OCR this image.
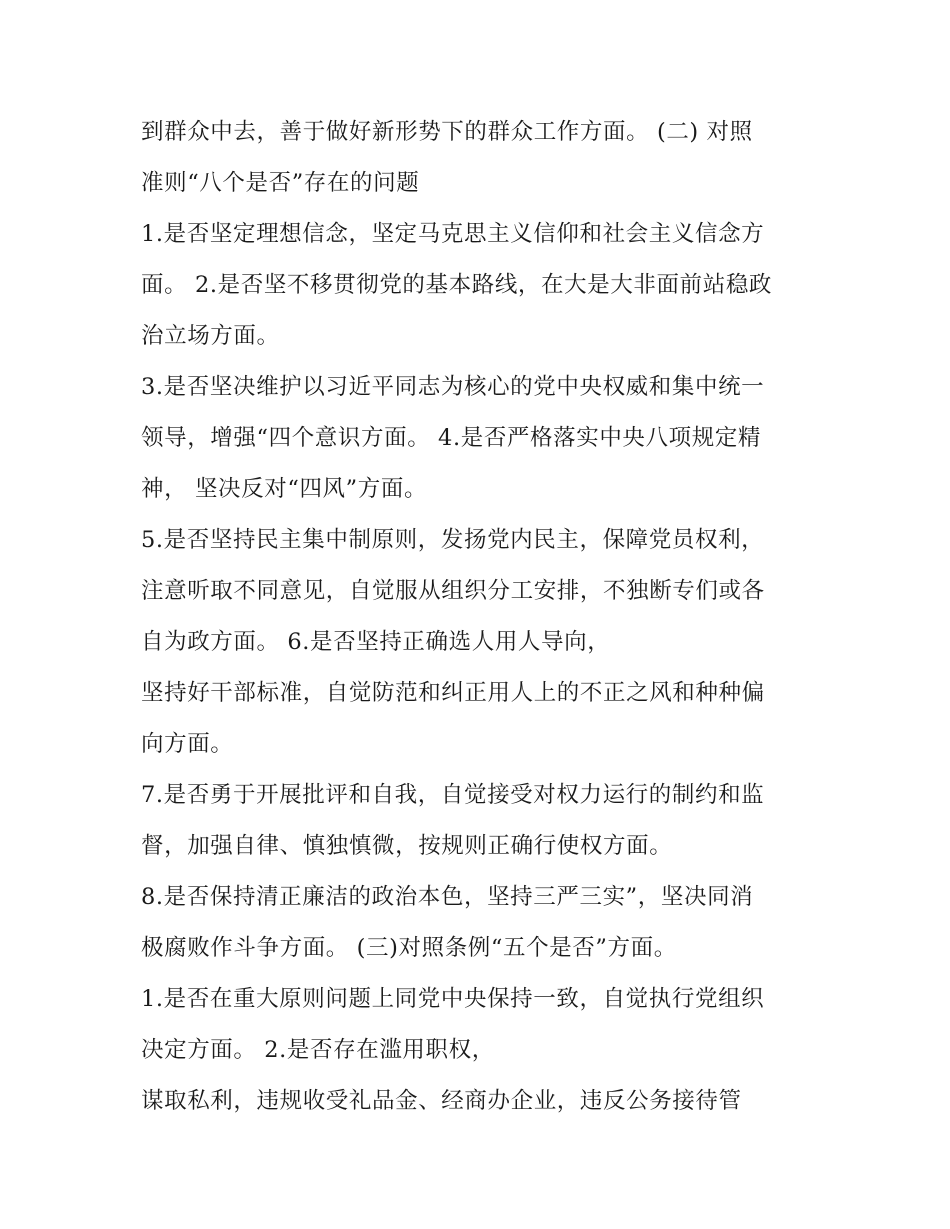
到群众中去，善于做好新形势下的群众工作方面。 (二) 对照
准则“八个是否”存在的问题
1.是否坚定理想信念，坚定马克思主义信仰和社会主义信念方
面。 2.是否坚不移贯彻党的基本路线，在大是大非面前站稳政
治立场方面。
3.是否坚决维护以习近平同志为核心的党中央权威和集中统一
领导，增强“四个意识方面。 4.是否严格落实中央八项规定精
神， 坚决反对“四风”方面。
5.是否坚持民主集中制原则，发扬党内民主，保障党员权利，
注意听取不同意见，自觉服从组织分工安排，不独断专们或各
自为政方面。 6.是否坚持正确选人用人导向，
坚持好干部标准，自觉防范和纠正用人上的不正之风和种种偏
向方面。
7.是否勇于开展批评和自我，自觉接受对权力运行的制约和监
督，加强自律、慎独慎微，按规则正确行使权方面。
8.是否保持清正廉洁的政治本色，坚持三严三实”，坚决同消
极腐败作斗争方面。 (三)对照条例“五个是否”方面。
1.是否在重大原则问题上同党中央保持一致，自觉执行党组织
决定方面。 2.是否存在滥用职权，
谋取私利，违规收受礼品金、经商办企业，违反公务接待管
